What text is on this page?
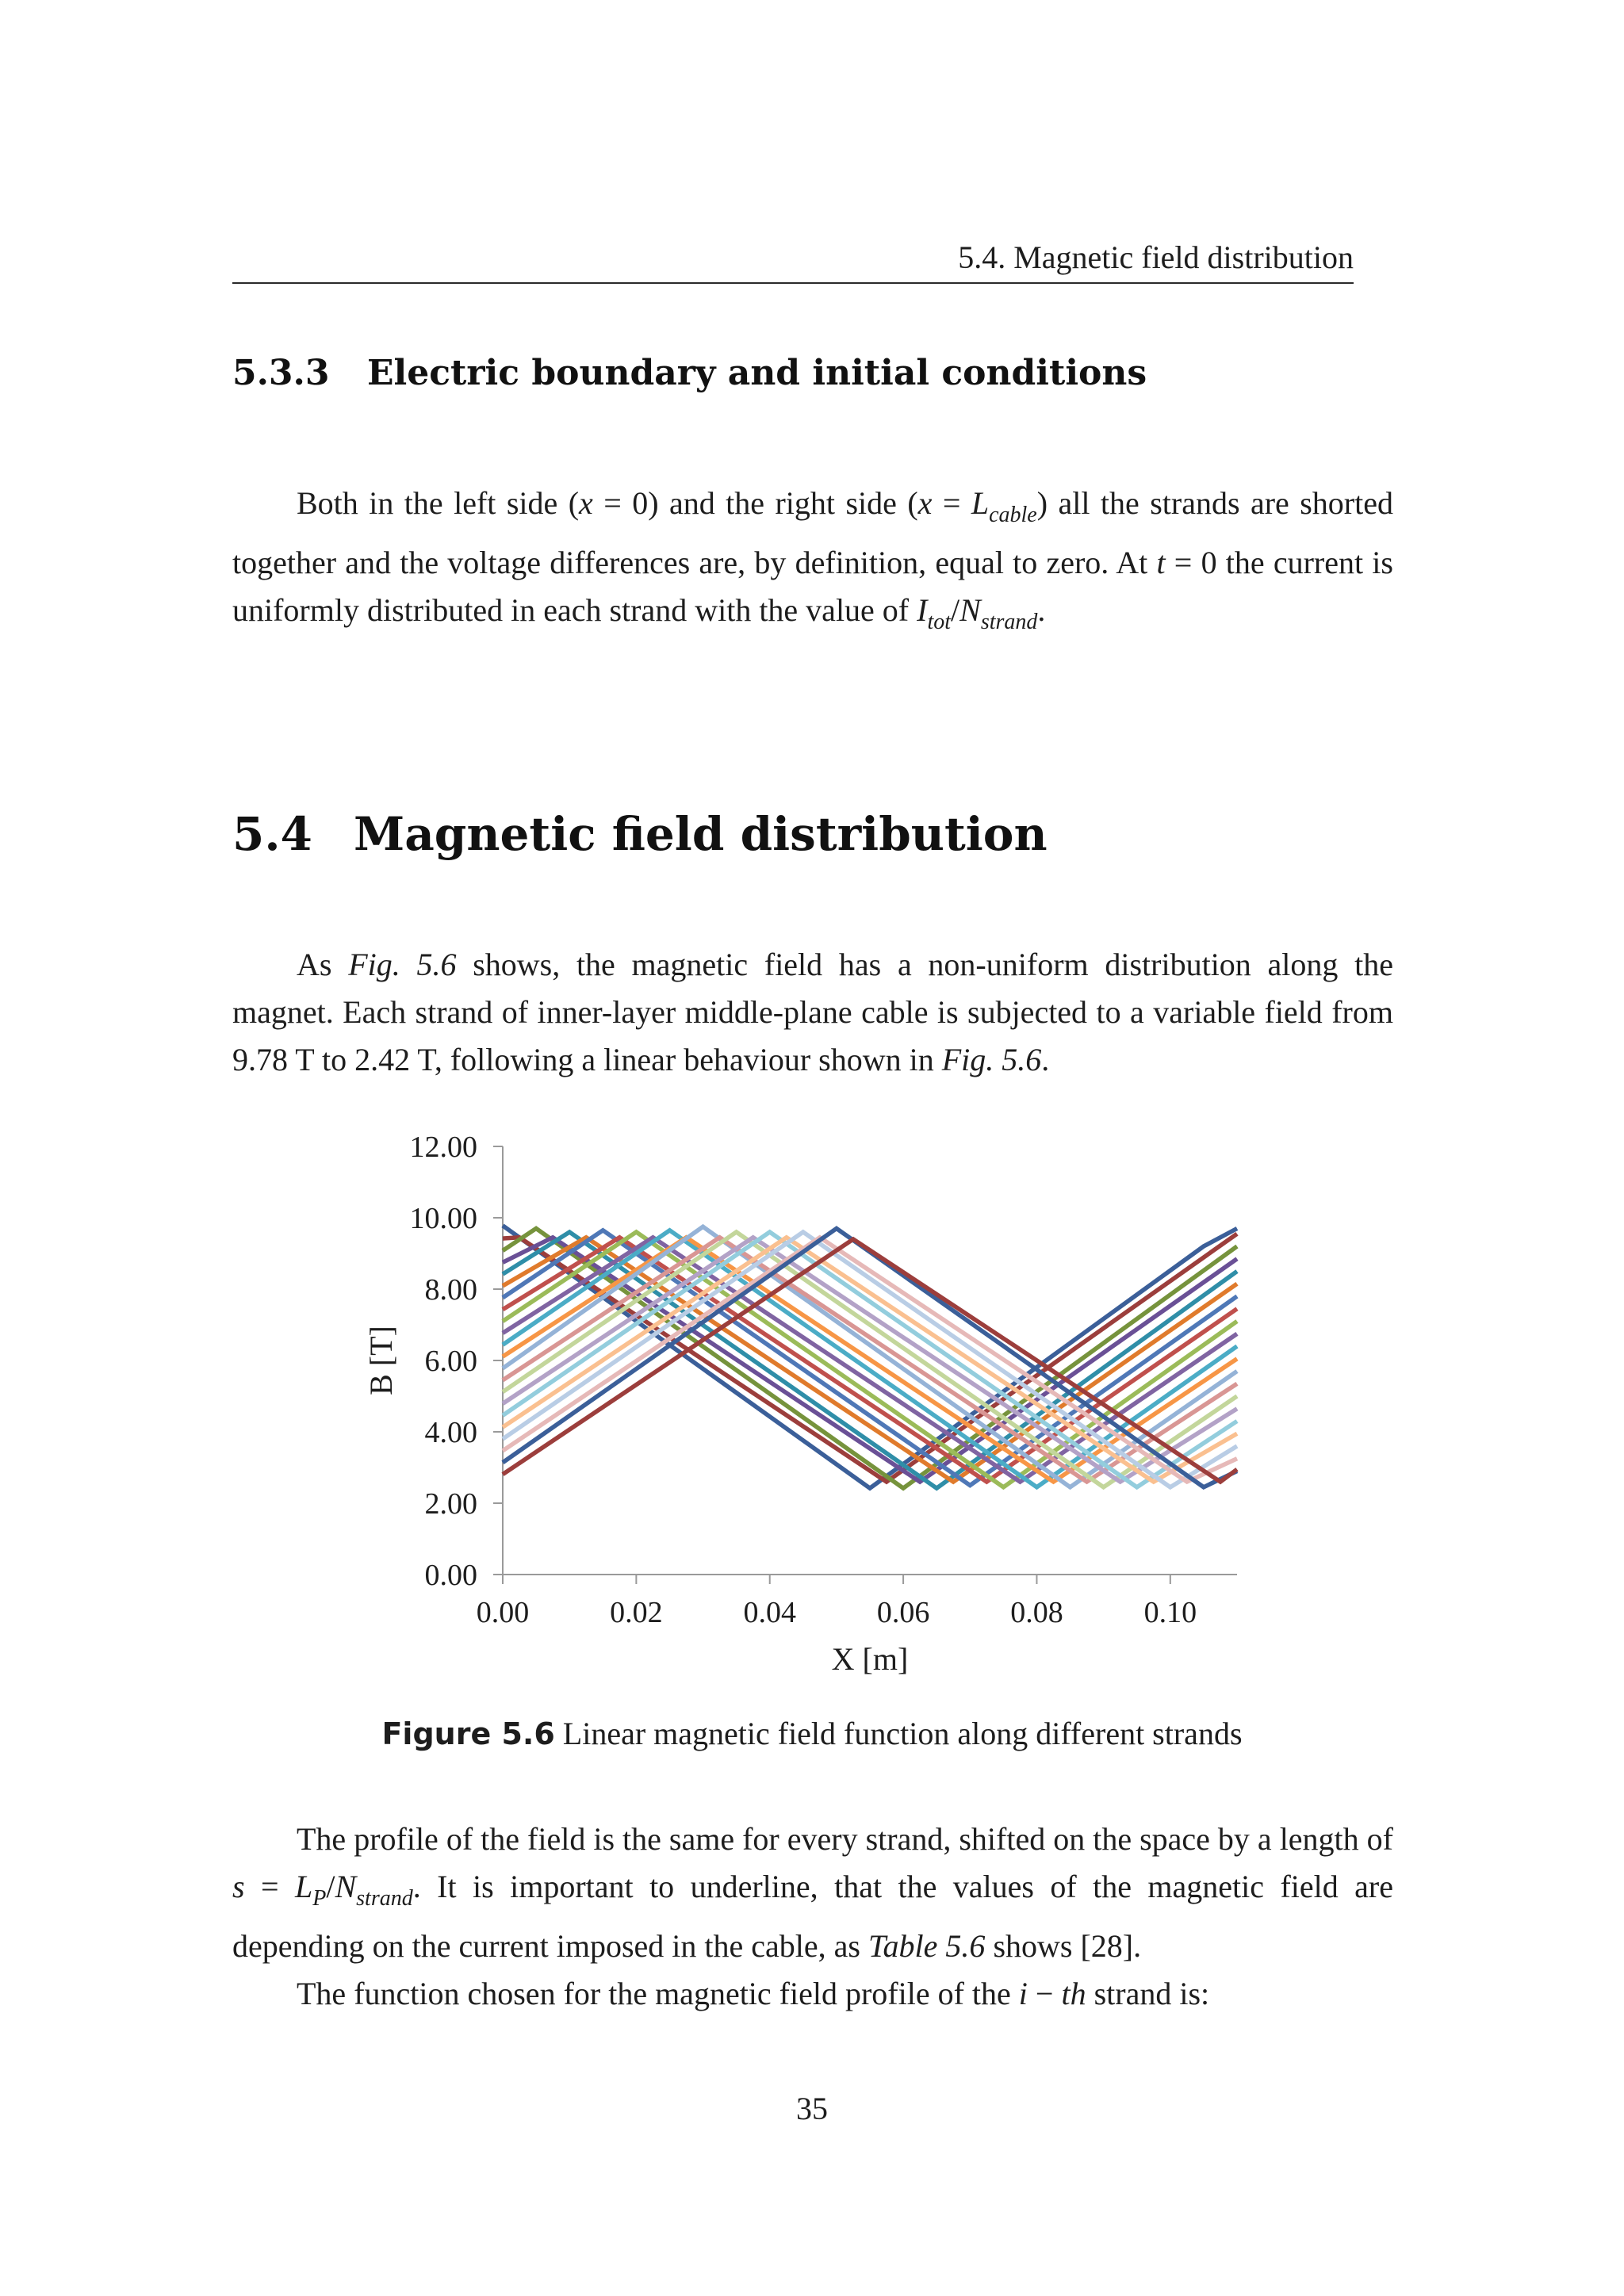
5.4. Magnetic field distribution
5.3.3 Electric boundary and initial conditions

Both in the left side (x = 0) and the right side $(x = L_{cable})$ all the strands are shorted together and the voltage differences are, by definition, equal to zero. At t = 0 the current is uniformly distributed in each strand with the value of $I_{tot}/N_{strand}$.

5.4 Magnetic field distribution

As Fig. 5.6 shows, the magnetic field has a non-uniform distribution along the magnet. Each strand of inner-layer middle-plane cable is subjected to a variable field from 9.78 T to 2.42 T, following a linear behaviour shown in Fig. 5.6.

0.00
2.00
4.00
6.00
8.00
10.00
12.00
0.00	0.02	0.04	0.06	0.08	0.10
X [m]
B [T]
Figure 5.6 Linear magnetic field function along different strands

The profile of the field is the same for every strand, shifted on the space by a length of $s = L_P/N_{strand}$. It is important to underline, that the values of the magnetic field are depending on the current imposed in the cable, as Table 5.6 shows [28].

The function chosen for the magnetic field profile of the i − th strand is:

35
